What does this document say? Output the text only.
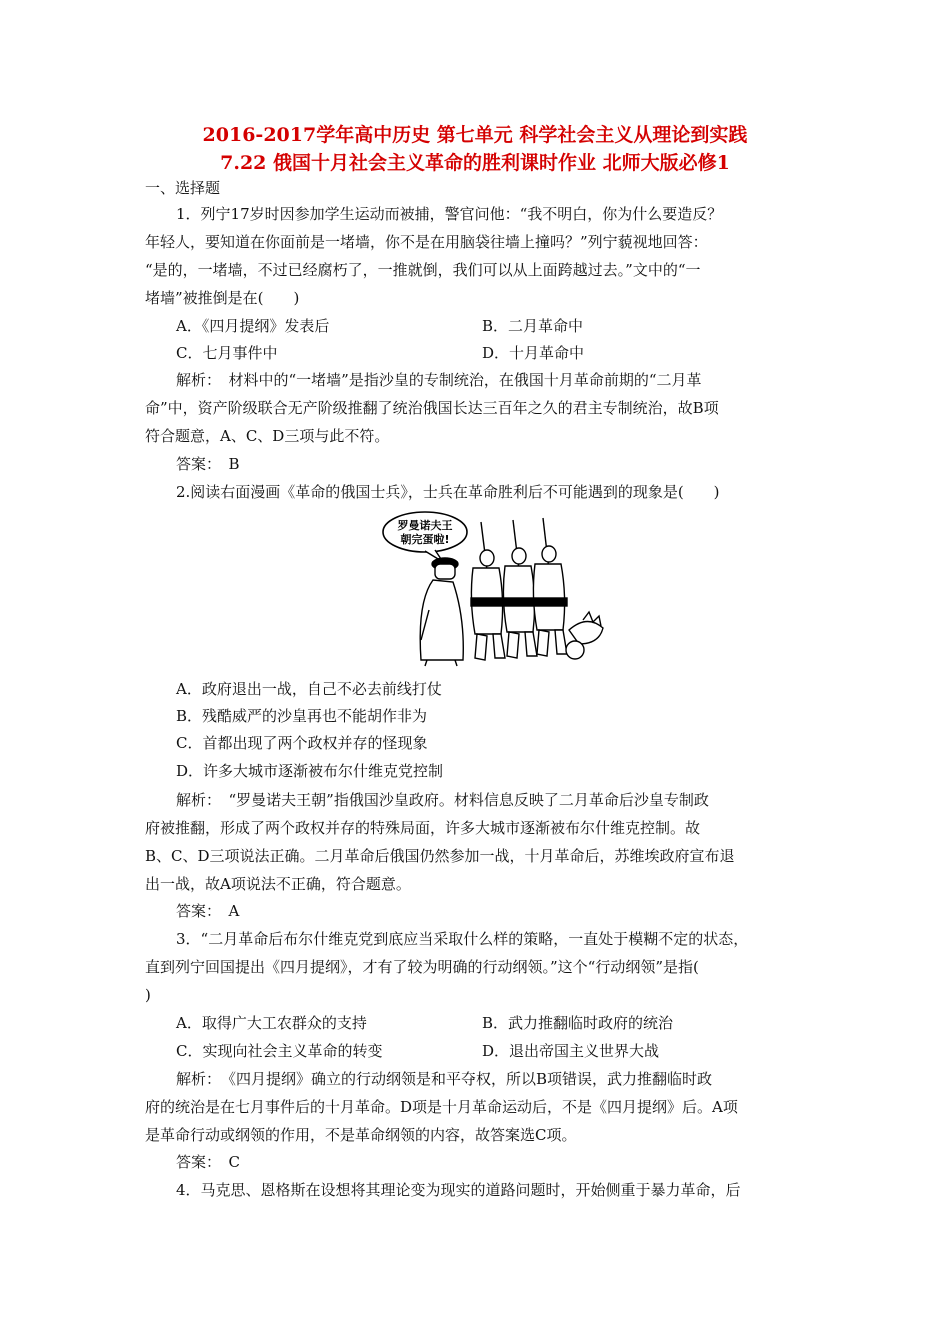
2016-2017学年高中历史 第七单元 科学社会主义从理论到实践
7.22 俄国十月社会主义革命的胜利课时作业 北师大版必修1
一、选择题
1．列宁17岁时因参加学生运动而被捕，警官问他：“我不明白，你为什么要造反？
年轻人，要知道在你面前是一堵墙，你不是在用脑袋往墙上撞吗？”列宁藐视地回答：
“是的，一堵墙，不过已经腐朽了，一推就倒，我们可以从上面跨越过去。”文中的“一
堵墙”被推倒是在(　　)
A．《四月提纲》发表后	B．二月革命中
C．七月事件中	D．十月革命中
解析：　材料中的“一堵墙”是指沙皇的专制统治，在俄国十月革命前期的“二月革
命”中，资产阶级联合无产阶级推翻了统治俄国长达三百年之久的君主专制统治，故B项
符合题意，A、C、D三项与此不符。
答案：　B
2.阅读右面漫画《革命的俄国士兵》，士兵在革命胜利后不可能遇到的现象是(　　)
罗曼诺夫王
朝完蛋啦!
A．政府退出一战，自己不必去前线打仗
B．残酷威严的沙皇再也不能胡作非为
C．首都出现了两个政权并存的怪现象
D．许多大城市逐渐被布尔什维克党控制
解析：　“罗曼诺夫王朝”指俄国沙皇政府。材料信息反映了二月革命后沙皇专制政
府被推翻，形成了两个政权并存的特殊局面，许多大城市逐渐被布尔什维克控制。故
B、C、D三项说法正确。二月革命后俄国仍然参加一战，十月革命后，苏维埃政府宣布退
出一战，故A项说法不正确，符合题意。
答案：　A
3．“二月革命后布尔什维克党到底应当采取什么样的策略，一直处于模糊不定的状态，
直到列宁回国提出《四月提纲》，才有了较为明确的行动纲领。”这个“行动纲领”是指(
)
A．取得广大工农群众的支持	B．武力推翻临时政府的统治
C．实现向社会主义革命的转变	D．退出帝国主义世界大战
解析：　《四月提纲》确立的行动纲领是和平夺权，所以B项错误，武力推翻临时政
府的统治是在七月事件后的十月革命。D项是十月革命运动后，不是《四月提纲》后。A项
是革命行动或纲领的作用，不是革命纲领的内容，故答案选C项。
答案：　C
4．马克思、恩格斯在设想将其理论变为现实的道路问题时，开始侧重于暴力革命，后
